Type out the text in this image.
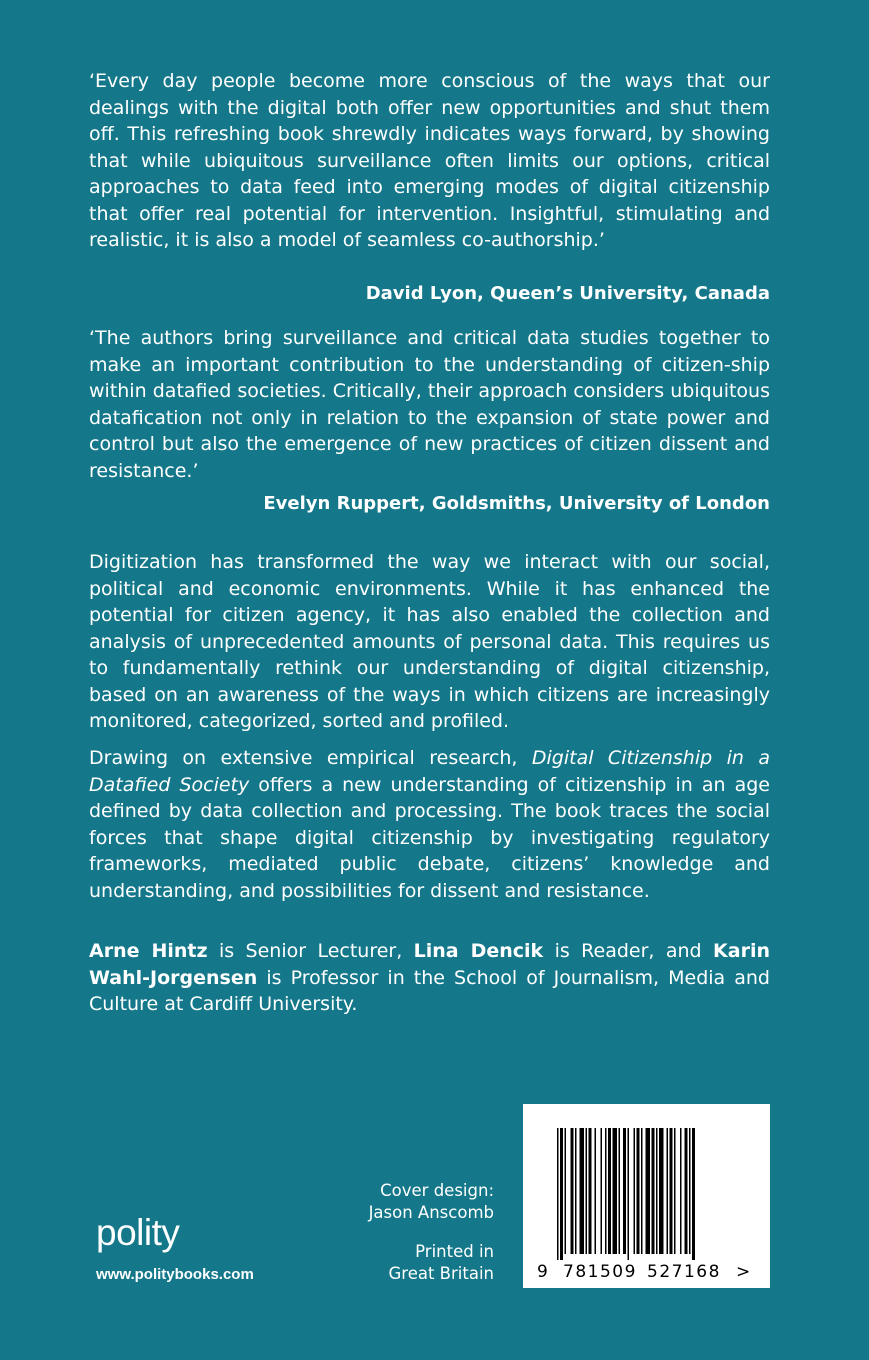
‘Every day people become more conscious of the ways that our dealings with the digital both offer new opportunities and shut them off. This refreshing book shrewdly indicates ways forward, by showing that while ubiquitous surveillance often limits our options, critical approaches to data feed into emerging modes of digital citizenship that offer real potential for intervention. Insightful, stimulating and realistic, it is also a model of seamless co-authorship.’

David Lyon, Queen’s University, Canada

‘The authors bring surveillance and critical data studies together to make an important contribution to the understanding of citizen-ship within datafied societies. Critically, their approach considers ubiquitous datafication not only in relation to the expansion of state power and control but also the emergence of new practices of citizen dissent and resistance.’

Evelyn Ruppert, Goldsmiths, University of London

Digitization has transformed the way we interact with our social, political and economic environments. While it has enhanced the potential for citizen agency, it has also enabled the collection and analysis of unprecedented amounts of personal data. This requires us to fundamentally rethink our understanding of digital citizenship, based on an awareness of the ways in which citizens are increasingly monitored, categorized, sorted and profiled.

Drawing on extensive empirical research, Digital Citizenship in a Datafied Society offers a new understanding of citizenship in an age defined by data collection and processing. The book traces the social forces that shape digital citizenship by investigating regulatory frameworks, mediated public debate, citizens’ knowledge and understanding, and possibilities for dissent and resistance.

Arne Hintz is Senior Lecturer, Lina Dencik is Reader, and Karin Wahl-Jorgensen is Professor in the School of Journalism, Media and Culture at Cardiff University.

Cover design:
Jason Anscomb
Printed in
Great Britain
polity
www.politybooks.com	9 781509 527168 >
